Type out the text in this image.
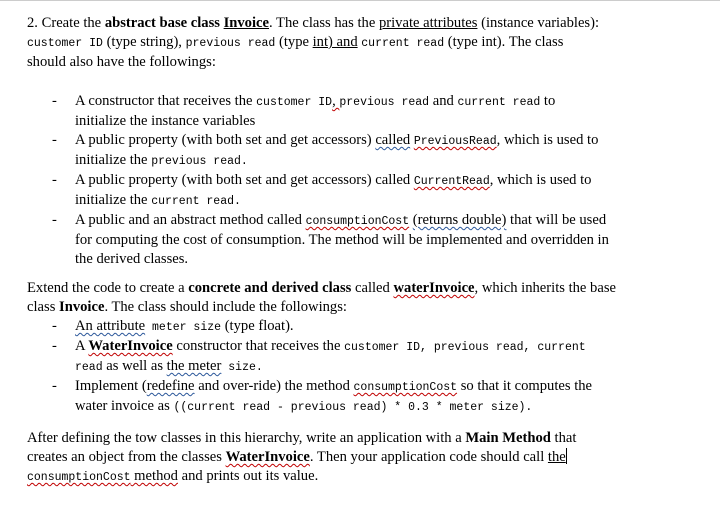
2. Create the abstract base class Invoice. The class has the private attributes (instance variables):
customer ID (type string), previous read (type int) and current read (type int). The class
should also have the followings:

- A constructor that receives the customer ID, previous read and current read to
initialize the instance variables
- A public property (with both set and get accessors) called PreviousRead, which is used to
initialize the previous read.
- A public property (with both set and get accessors) called CurrentRead, which is used to
initialize the current read.
- A public and an abstract method called consumptionCost (returns double) that will be used
for computing the cost of consumption. The method will be implemented and overridden in
the derived classes.

Extend the code to create a concrete and derived class called waterInvoice, which inherits the base
class Invoice. The class should include the followings:

- An attribute meter size (type float).
- A WaterInvoice constructor that receives the customer ID, previous read, current
read as well as the meter size.
- Implement (redefine and over-ride) the method consumptionCost so that it computes the
water invoice as ((current read - previous read) * 0.3 * meter size).

After defining the tow classes in this hierarchy, write an application with a Main Method that
creates an object from the classes WaterInvoice. Then your application code should call the
consumptionCost method and prints out its value.
